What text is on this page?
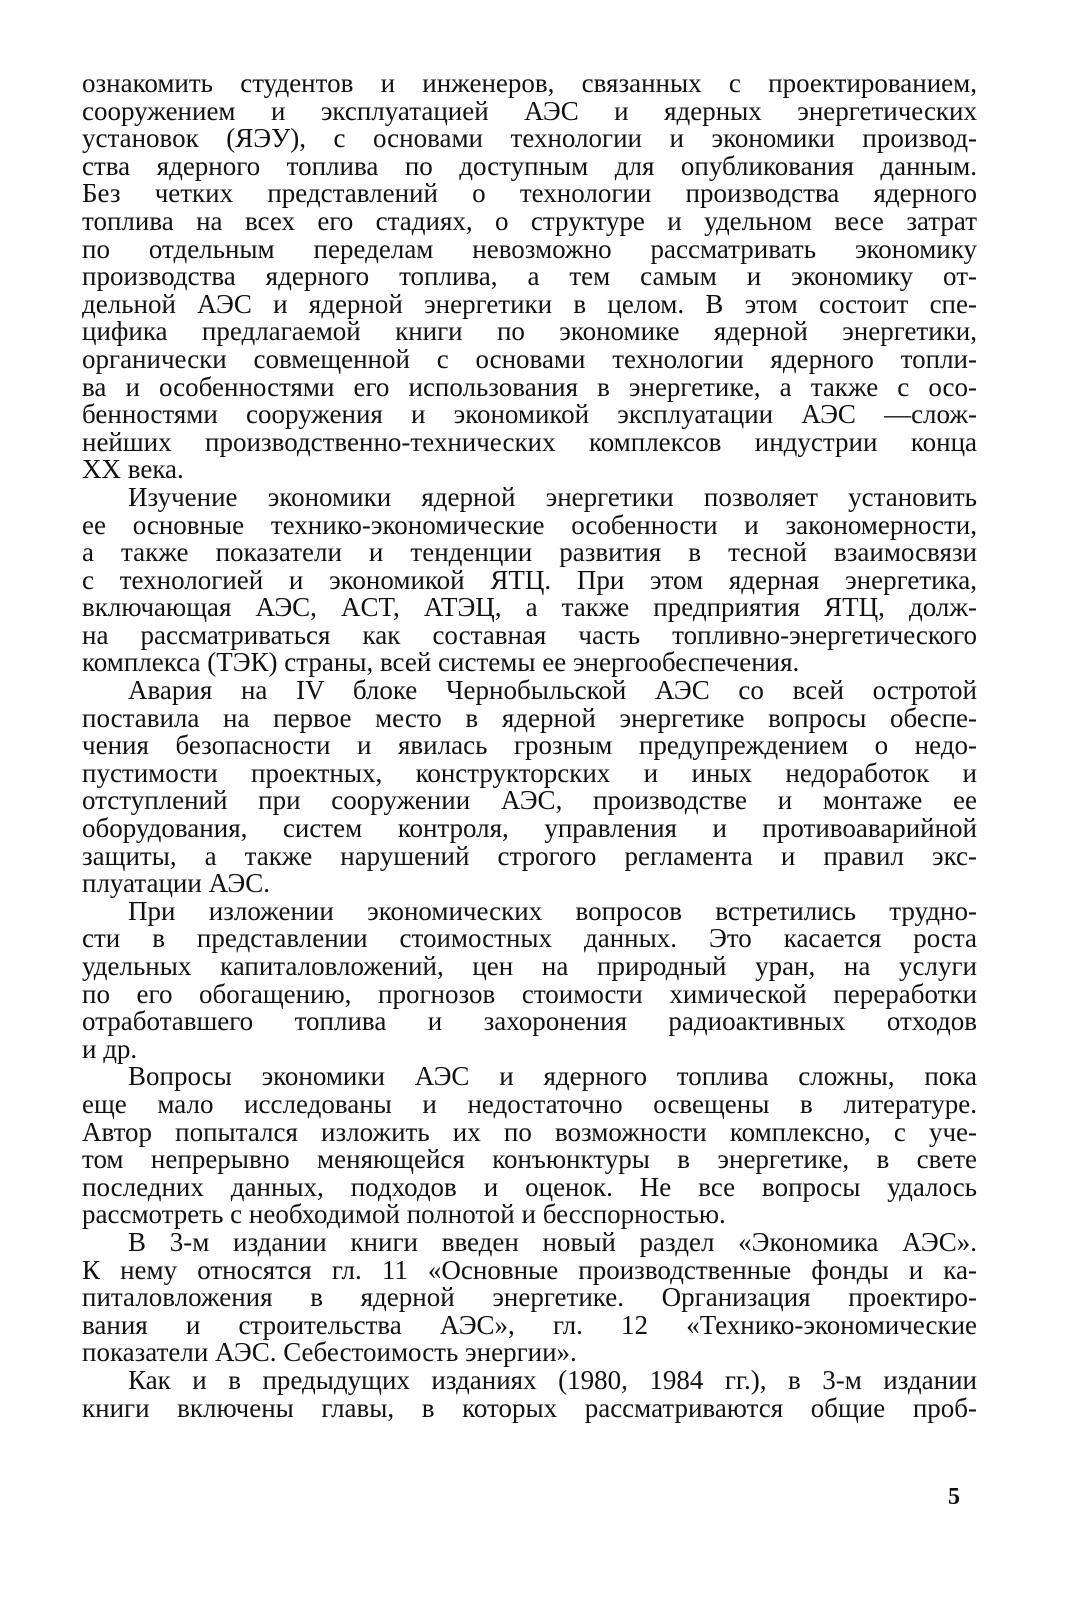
ознакомить студентов и инженеров, связанных с проектированием,
сооружением и эксплуатацией АЭС и ядерных энергетических
установок (ЯЭУ), с основами технологии и экономики производ-
ства ядерного топлива по доступным для опубликования данным.
Без четких представлений о технологии производства ядерного
топлива на всех его стадиях, о структуре и удельном весе затрат
по отдельным переделам невозможно рассматривать экономику
производства ядерного топлива, а тем самым и экономику от-
дельной АЭС и ядерной энергетики в целом. В этом состоит спе-
цифика предлагаемой книги по экономике ядерной энергетики,
органически совмещенной с основами технологии ядерного топли-
ва и особенностями его использования в энергетике, а также с осо-
бенностями сооружения и экономикой эксплуатации АЭС —слож-
нейших производственно-технических комплексов индустрии конца
XX века.
Изучение экономики ядерной энергетики позволяет установить
ее основные технико-экономические особенности и закономерности,
а также показатели и тенденции развития в тесной взаимосвязи
с технологией и экономикой ЯТЦ. При этом ядерная энергетика,
включающая АЭС, ACT, АТЭЦ, а также предприятия ЯТЦ, долж-
на рассматриваться как составная часть топливно-энергетического
комплекса (ТЭК) страны, всей системы ее энергообеспечения.
Авария на IV блоке Чернобыльской АЭС со всей остротой
поставила на первое место в ядерной энергетике вопросы обеспе-
чения безопасности и явилась грозным предупреждением о недо-
пустимости проектных, конструкторских и иных недоработок и
отступлений при сооружении АЭС, производстве и монтаже ее
оборудования, систем контроля, управления и противоаварийной
защиты, а также нарушений строгого регламента и правил экс-
плуатации АЭС.
При изложении экономических вопросов встретились трудно-
сти в представлении стоимостных данных. Это касается роста
удельных капиталовложений, цен на природный уран, на услуги
по его обогащению, прогнозов стоимости химической переработки
отработавшего топлива и захоронения радиоактивных отходов
и др.
Вопросы экономики АЭС и ядерного топлива сложны, пока
еще мало исследованы и недостаточно освещены в литературе.
Автор попытался изложить их по возможности комплексно, с уче-
том непрерывно меняющейся конъюнктуры в энергетике, в свете
последних данных, подходов и оценок. Не все вопросы удалось
рассмотреть с необходимой полнотой и бесспорностью.
В 3-м издании книги введен новый раздел «Экономика АЭС».
К нему относятся гл. 11 «Основные производственные фонды и ка-
питаловложения в ядерной энергетике. Организация проектиро-
вания и строительства АЭС», гл. 12 «Технико-экономические
показатели АЭС. Себестоимость энергии».
Как и в предыдущих изданиях (1980, 1984 гг.), в 3-м издании
книги включены главы, в которых рассматриваются общие проб-
5
